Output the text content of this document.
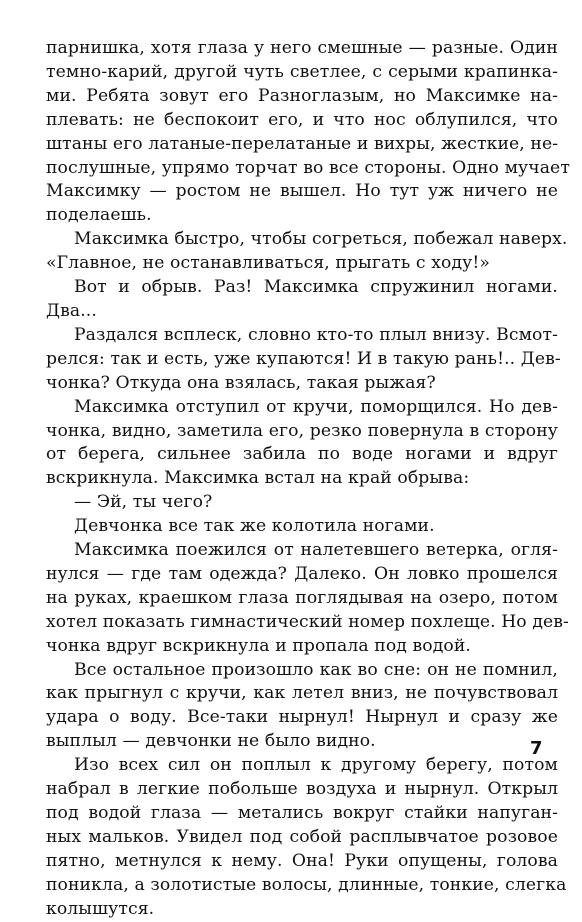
парнишка, хотя глаза у него смешные — разные. Один
темно-карий, другой чуть светлее, с серыми крапинка-
ми. Ребята зовут его Разноглазым, но Максимке на-
плевать: не беспокоит его, и что нос облупился, что
штаны его латаные-перелатаные и вихры, жесткие, не-
послушные, упрямо торчат во все стороны. Одно мучает
Максимку — ростом не вышел. Но тут уж ничего не
поделаешь.
Максимка быстро, чтобы согреться, побежал наверх.
«Главное, не останавливаться, прыгать с ходу!»
Вот и обрыв. Раз! Максимка спружинил ногами.
Два...
Раздался всплеск, словно кто-то плыл внизу. Всмот-
релся: так и есть, уже купаются! И в такую рань!.. Дев-
чонка? Откуда она взялась, такая рыжая?
Максимка отступил от кручи, поморщился. Но дев-
чонка, видно, заметила его, резко повернула в сторону
от берега, сильнее забила по воде ногами и вдруг
вскрикнула. Максимка встал на край обрыва:
— Эй, ты чего?
Девчонка все так же колотила ногами.
Максимка поежился от налетевшего ветерка, огля-
нулся — где там одежда? Далеко. Он ловко прошелся
на руках, краешком глаза поглядывая на озеро, потом
хотел показать гимнастический номер похлеще. Но дев-
чонка вдруг вскрикнула и пропала под водой.
Все остальное произошло как во сне: он не помнил,
как прыгнул с кручи, как летел вниз, не почувствовал
удара о воду. Все-таки нырнул! Нырнул и сразу же
выплыл — девчонки не было видно.
Изо всех сил он поплыл к другому берегу, потом
набрал в легкие побольше воздуха и нырнул. Открыл
под водой глаза — метались вокруг стайки напуган-
ных мальков. Увидел под собой расплывчатое розовое
пятно, метнулся к нему. Она! Руки опущены, голова
поникла, а золотистые волосы, длинные, тонкие, слегка
колышутся.
7
